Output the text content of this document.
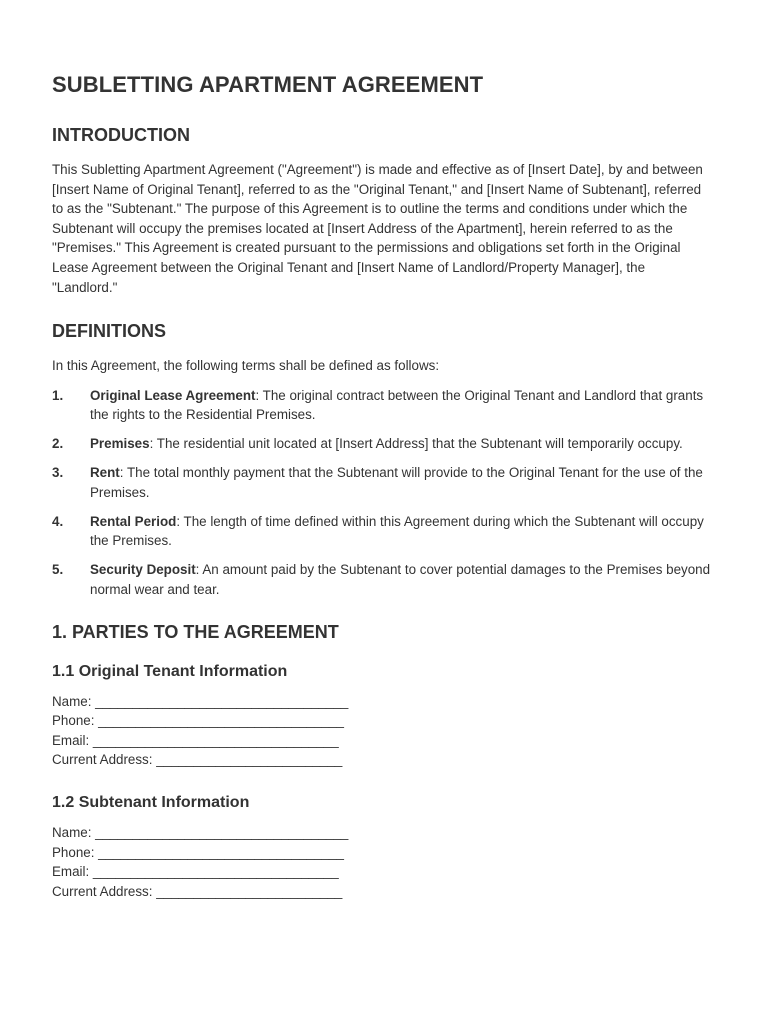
SUBLETTING APARTMENT AGREEMENT
INTRODUCTION

This Subletting Apartment Agreement ("Agreement") is made and effective as of [Insert Date], by and between [Insert Name of Original Tenant], referred to as the "Original Tenant," and [Insert Name of Subtenant], referred to as the "Subtenant." The purpose of this Agreement is to outline the terms and conditions under which the Subtenant will occupy the premises located at [Insert Address of the Apartment], herein referred to as the "Premises." This Agreement is created pursuant to the permissions and obligations set forth in the Original Lease Agreement between the Original Tenant and [Insert Name of Landlord/Property Manager], the "Landlord."

DEFINITIONS

In this Agreement, the following terms shall be defined as follows:

1.	Original Lease Agreement: The original contract between the Original Tenant and Landlord that grants the rights to the Residential Premises.
2.	Premises: The residential unit located at [Insert Address] that the Subtenant will temporarily occupy.
3.	Rent: The total monthly payment that the Subtenant will provide to the Original Tenant for the use of the Premises.
4.	Rental Period: The length of time defined within this Agreement during which the Subtenant will occupy the Premises.
5.	Security Deposit: An amount paid by the Subtenant to cover potential damages to the Premises beyond normal wear and tear.
1. PARTIES TO THE AGREEMENT
1.1 Original Tenant Information

Name: __________________________________

Phone: _________________________________

Email: _________________________________

Current Address: _________________________

1.2 Subtenant Information

Name: __________________________________

Phone: _________________________________

Email: _________________________________

Current Address: _________________________
